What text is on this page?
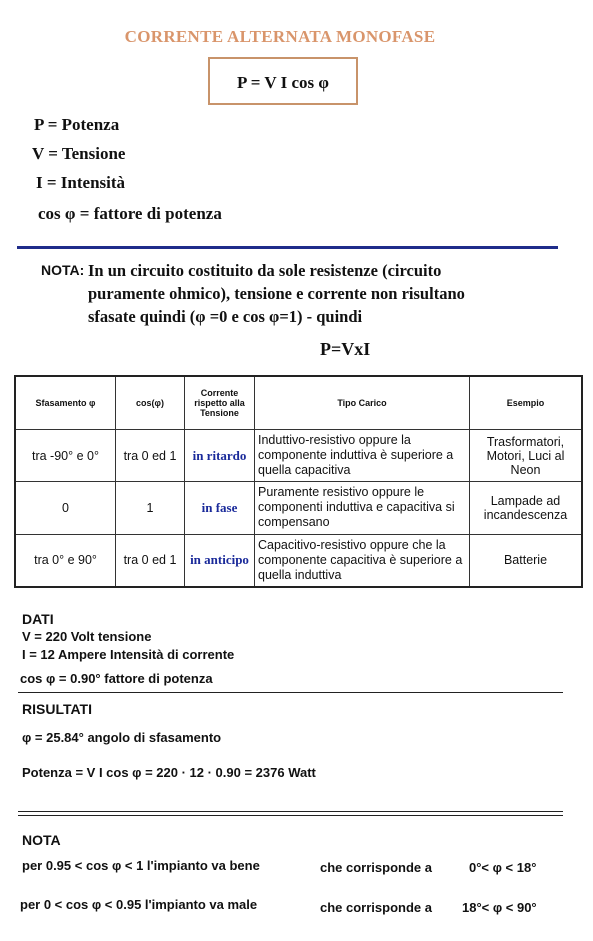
CORRENTE ALTERNATA MONOFASE
P = V I cos φ
P = Potenza
V = Tensione
I = Intensità
cos φ = fattore di potenza
NOTA: In un circuito costituito da sole resistenze (circuito
puramente ohmico), tensione e corrente non risultano
sfasate quindi (φ =0 e cos φ=1) - quindi
P=VxI
Sfasamento φ	cos(φ)	Corrente rispetto alla Tensione	Tipo Carico	Esempio
tra -90° e 0°	tra 0 ed 1	in ritardo	Induttivo-resistivo oppure la componente induttiva è superiore a quella capacitiva	Trasformatori, Motori, Luci al Neon
0	1	in fase	Puramente resistivo oppure le componenti induttiva e capacitiva si compensano	Lampade ad incandescenza
tra 0° e 90°	tra 0 ed 1	in anticipo	Capacitivo-resistivo oppure che la componente capacitiva è superiore a quella induttiva	Batterie
DATI
V = 220 Volt tensione
I = 12 Ampere Intensità di corrente
cos φ = 0.90° fattore di potenza
RISULTATI
φ = 25.84° angolo di sfasamento
Potenza = V I cos φ = 220 · 12 · 0.90 = 2376 Watt
NOTA
per 0.95 < cos φ < 1 l'impianto va bene	che corrisponde a	0°< φ < 18°
per 0 < cos φ < 0.95 l'impianto va male	che corrisponde a 18°< φ < 90°
